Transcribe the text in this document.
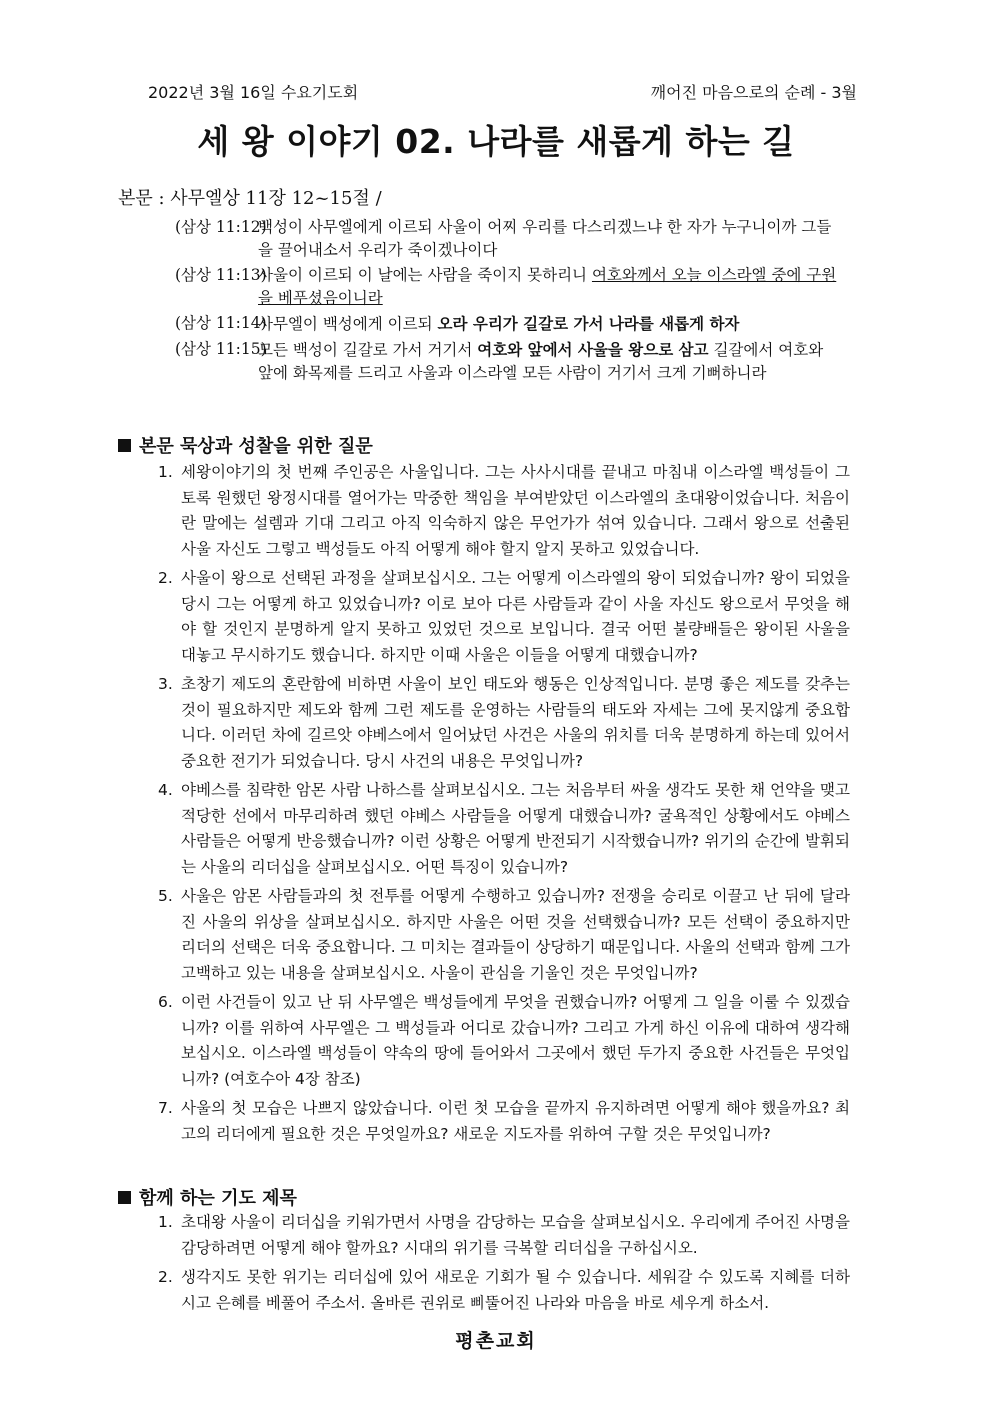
2022년 3월 16일 수요기도회	깨어진 마음으로의 순례 - 3월
세 왕 이야기 02. 나라를 새롭게 하는 길
본문 : 사무엘상 11장 12~15절 /
(삼상 11:12)
백성이 사무엘에게 이르되 사울이 어찌 우리를 다스리겠느냐 한 자가 누구니이까 그들을 끌어내소서 우리가 죽이겠나이다
(삼상 11:13)
사울이 이르되 이 날에는 사람을 죽이지 못하리니 여호와께서 오늘 이스라엘 중에 구원을 베푸셨음이니라
(삼상 11:14)
사무엘이 백성에게 이르되 오라 우리가 길갈로 가서 나라를 새롭게 하자
(삼상 11:15)
모든 백성이 길갈로 가서 거기서 여호와 앞에서 사울을 왕으로 삼고 길갈에서 여호와 앞에 화목제를 드리고 사울과 이스라엘 모든 사람이 거기서 크게 기뻐하니라
본문 묵상과 성찰을 위한 질문
1. 세왕이야기의 첫 번째 주인공은 사울입니다. 그는 사사시대를 끝내고 마침내 이스라엘 백성들이 그토록 원했던 왕정시대를 열어가는 막중한 책임을 부여받았던 이스라엘의 초대왕이었습니다. 처음이란 말에는 설렘과 기대 그리고 아직 익숙하지 않은 무언가가 섞여 있습니다. 그래서 왕으로 선출된 사울 자신도 그렇고 백성들도 아직 어떻게 해야 할지 알지 못하고 있었습니다.
2. 사울이 왕으로 선택된 과정을 살펴보십시오. 그는 어떻게 이스라엘의 왕이 되었습니까? 왕이 되었을 당시 그는 어떻게 하고 있었습니까? 이로 보아 다른 사람들과 같이 사울 자신도 왕으로서 무엇을 해야 할 것인지 분명하게 알지 못하고 있었던 것으로 보입니다. 결국 어떤 불량배들은 왕이된 사울을 대놓고 무시하기도 했습니다. 하지만 이때 사울은 이들을 어떻게 대했습니까?
3. 초창기 제도의 혼란함에 비하면 사울이 보인 태도와 행동은 인상적입니다. 분명 좋은 제도를 갖추는 것이 필요하지만 제도와 함께 그런 제도를 운영하는 사람들의 태도와 자세는 그에 못지않게 중요합니다. 이러던 차에 길르앗 야베스에서 일어났던 사건은 사울의 위치를 더욱 분명하게 하는데 있어서 중요한 전기가 되었습니다. 당시 사건의 내용은 무엇입니까?
4. 야베스를 침략한 암몬 사람 나하스를 살펴보십시오. 그는 처음부터 싸울 생각도 못한 채 언약을 맺고 적당한 선에서 마무리하려 했던 야베스 사람들을 어떻게 대했습니까? 굴욕적인 상황에서도 야베스 사람들은 어떻게 반응했습니까? 이런 상황은 어떻게 반전되기 시작했습니까? 위기의 순간에 발휘되는 사울의 리더십을 살펴보십시오. 어떤 특징이 있습니까?
5. 사울은 암몬 사람들과의 첫 전투를 어떻게 수행하고 있습니까? 전쟁을 승리로 이끌고 난 뒤에 달라진 사울의 위상을 살펴보십시오. 하지만 사울은 어떤 것을 선택했습니까? 모든 선택이 중요하지만 리더의 선택은 더욱 중요합니다. 그 미치는 결과들이 상당하기 때문입니다. 사울의 선택과 함께 그가 고백하고 있는 내용을 살펴보십시오. 사울이 관심을 기울인 것은 무엇입니까?
6. 이런 사건들이 있고 난 뒤 사무엘은 백성들에게 무엇을 권했습니까? 어떻게 그 일을 이룰 수 있겠습니까? 이를 위하여 사무엘은 그 백성들과 어디로 갔습니까? 그리고 가게 하신 이유에 대하여 생각해보십시오. 이스라엘 백성들이 약속의 땅에 들어와서 그곳에서 했던 두가지 중요한 사건들은 무엇입니까? (여호수아 4장 참조)
7. 사울의 첫 모습은 나쁘지 않았습니다. 이런 첫 모습을 끝까지 유지하려면 어떻게 해야 했을까요? 최고의 리더에게 필요한 것은 무엇일까요? 새로운 지도자를 위하여 구할 것은 무엇입니까?
함께 하는 기도 제목
1. 초대왕 사울이 리더십을 키워가면서 사명을 감당하는 모습을 살펴보십시오. 우리에게 주어진 사명을 감당하려면 어떻게 해야 할까요? 시대의 위기를 극복할 리더십을 구하십시오.
2. 생각지도 못한 위기는 리더십에 있어 새로운 기회가 될 수 있습니다. 세워갈 수 있도록 지혜를 더하시고 은혜를 베풀어 주소서. 올바른 권위로 삐뚤어진 나라와 마음을 바로 세우게 하소서.
평촌교회
